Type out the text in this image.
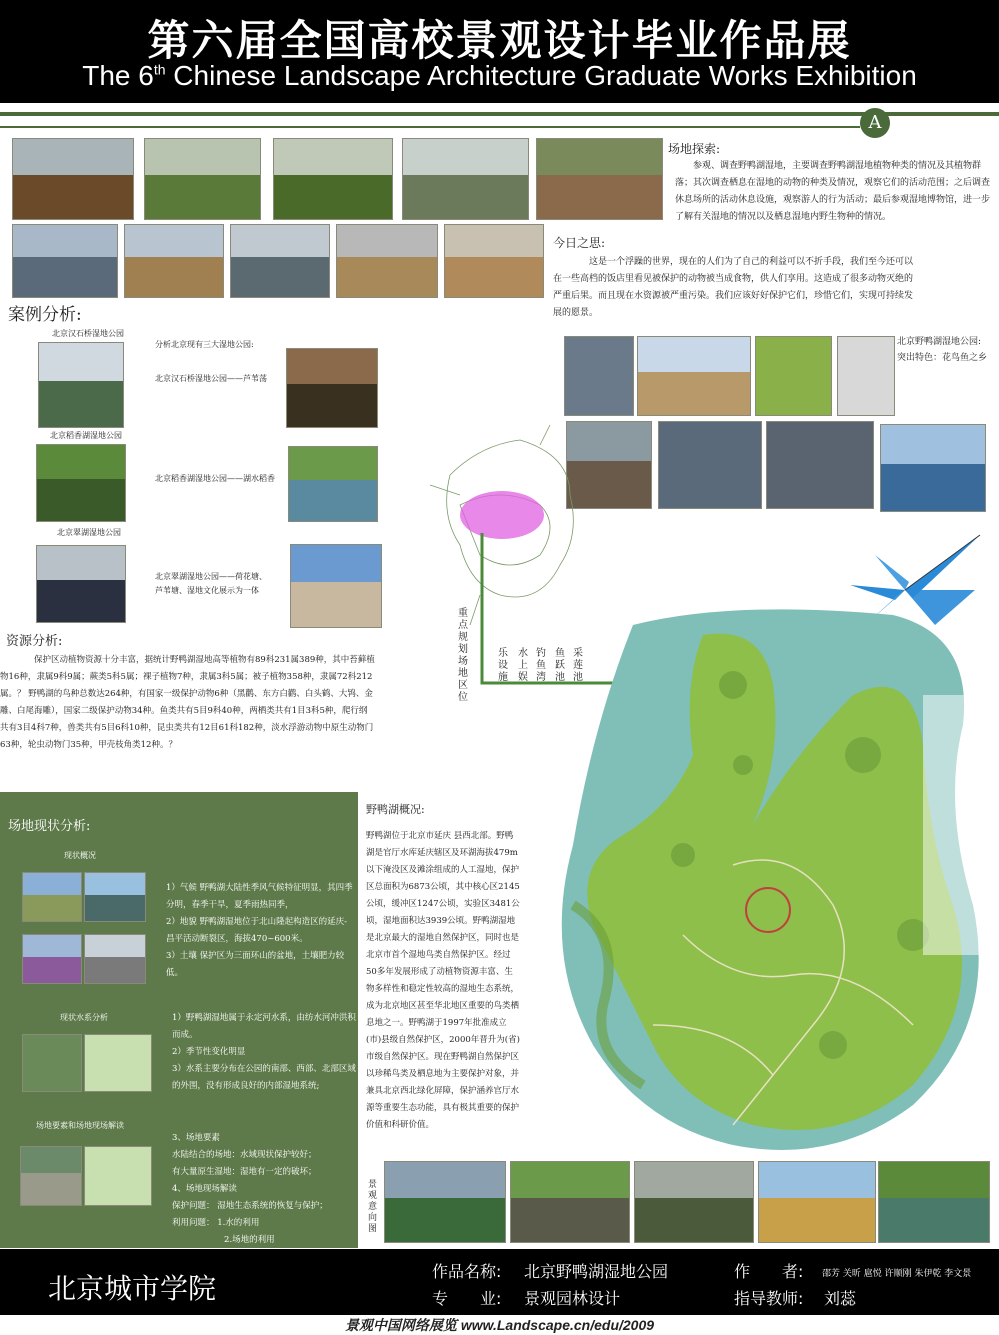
第六届全国高校景观设计毕业作品展
The 6th Chinese Landscape Architecture Graduate Works Exhibition
A
场地探索:
参观、调查野鸭湖湿地，主要调查野鸭湖湿地植物种类的情况及其植物群落；其次调查栖息在湿地的动物的种类及情况，观察它们的活动范围；之后调查休息场所的活动休息设施，观察游人的行为活动；最后参观湿地博物馆，进一步了解有关湿地的情况以及栖息湿地内野生物种的情况。
今日之思:
这是一个浮躁的世界，现在的人们为了自己的利益可以不折手段，我们至今还可以在一些高档的饭店里看见被保护的动物被当成食物，供人们享用。这造成了很多动物灭绝的严重后果。而且现在水资源被严重污染。我们应该好好保护它们，珍惜它们，实现可持续发展的愿景。
案例分析:
北京汉石桥湿地公园
分析北京现有三大湿地公园:
北京汉石桥湿地公园——芦苇荡
北京稻香湖湿地公园
北京稻香湖湿地公园——湖水稻香
北京翠湖湿地公园
北京翠湖湿地公园——荷花塘、芦苇塘、湿地文化展示为一体
北京野鸭湖湿地公园:
突出特色：花鸟鱼之乡
重点规划场地区位
乐设施
水上娱
钓鱼湾
鱼跃池
采莲池
资源分析:
保护区动植物资源十分丰富，据统计野鸭湖湿地高等植物有89科231属389种，其中苔藓植物16种，隶属9科9属；蕨类5科5属；裸子植物7种，隶属3科5属；被子植物358种，隶属72科212属。？ 野鸭湖的鸟种总数达264种，有国家一级保护动物6种（黑鹳、东方白鹳、白头鹤、大鸨、金雕、白尾海雕），国家二级保护动物34种。鱼类共有5目9科40种，两栖类共有1目3科5种，爬行纲共有3目4科7种，兽类共有5目6科10种，昆虫类共有12目61科182种，淡水浮游动物中原生动物门63种，轮虫动物门35种，甲壳枝角类12种。？
场地现状分析:
现状概况
1）气候 野鸭湖大陆性季风气候特征明显，其四季分明，春季干旱，夏季雨热同季，
2）地貌 野鸭湖湿地位于北山隆起构造区的延庆-昌平活动断裂区，海拔470~600米。
3）土壤 保护区为三面环山的盆地，土壤肥力较低。
现状水系分析	1）野鸭湖湿地属于永定河水系，由纺水河冲洪积而成。
2）季节性变化明显
3）水系主要分布在公园的南部、西部、北部区域的外围，没有形成良好的内部湿地系统;
场地要素和场地现场解读
3、场地要素
水陆结合的场地：水域现状保护较好；
有大量原生湿地：湿地有一定的破坏；
4、场地现场解读
保护问题： 湿地生态系统的恢复与保护；
利用问题： 1.水的利用
2.场地的利用
野鸭湖概况:
野鸭湖位于北京市延庆 县西北部。野鸭湖是官厅水库延庆辖区及环湖海拔479m以下淹没区及滩涂组成的人工湿地，保护区总面积为6873公顷，其中核心区2145公顷，缓冲区1247公顷，实验区3481公顷，湿地面积达3939公顷。野鸭湖湿地是北京最大的湿地自然保护区，同时也是北京市首个湿地鸟类自然保护区。经过50多年发展形成了动植物资源丰富、生物多样性和稳定性较高的湿地生态系统，成为北京地区甚至华北地区重要的鸟类栖息地之一。野鸭湖于1997年批准成立(市)县级自然保护区，2000年晋升为(省)市级自然保护区。现在野鸭湖自然保护区以珍稀鸟类及栖息地为主要保护对象，并兼具北京西北绿化屏障，保护涵养官厅水源等重要生态功能，具有极其重要的保护价值和科研价值。
景观意向图
北京城市学院
作品名称: 北京野鸭湖湿地公园
专　　业: 景观园林设计
作　　者: 邵芳 关昕 扈悦 许顺刚 朱伊乾 李文景
指导教师: 刘蕊
景观中国网络展览 www.Landscape.cn/edu/2009
